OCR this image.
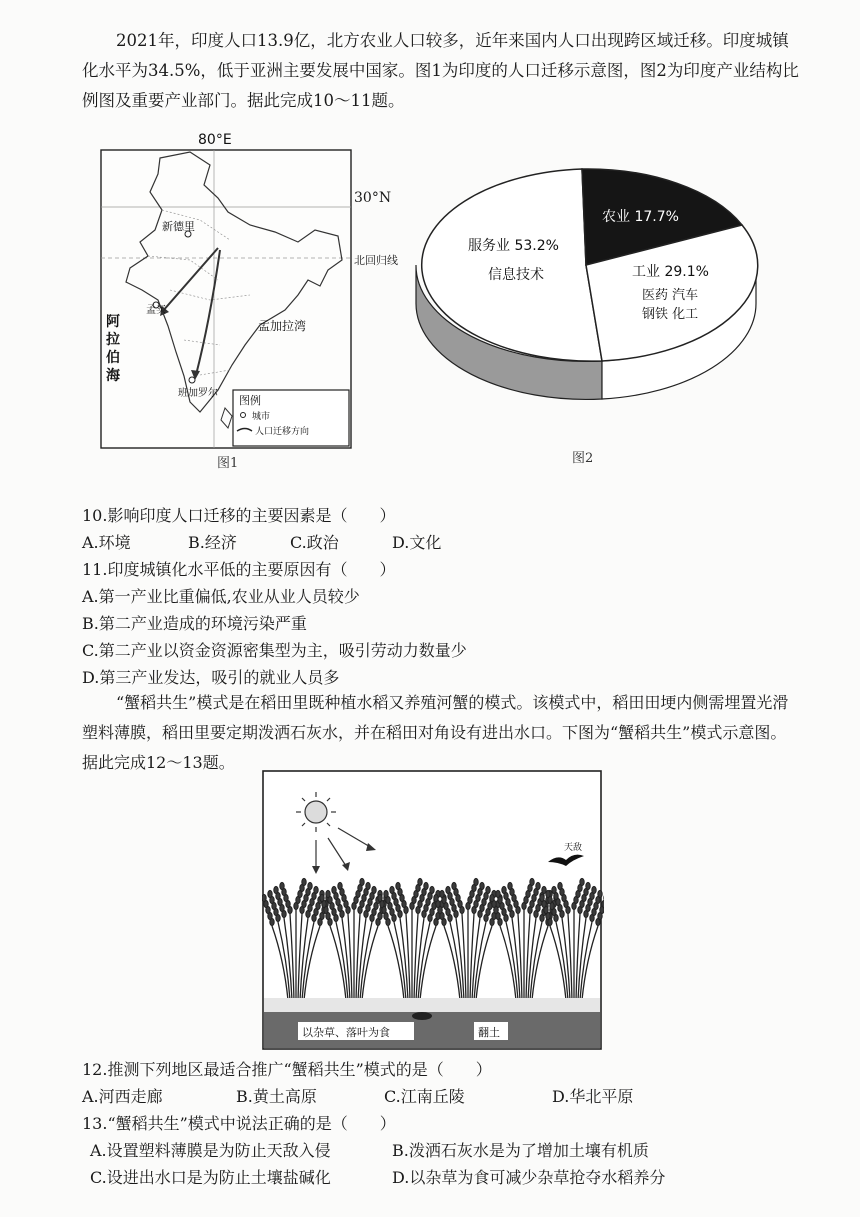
2021年，印度人口13.9亿，北方农业人口较多，近年来国内人口出现跨区域迁移。印度城镇化水平为34.5%，低于亚洲主要发展中国家。图1为印度的人口迁移示意图，图2为印度产业结构比例图及重要产业部门。据此完成10～11题。
80°E
新德里
孟买
班加罗尔
孟加拉湾
阿
拉
伯
海
图例
城市
人口迁移方向
30°N
北回归线
图1
服务业 53.2%
信息技术
农业 17.7%
工业 29.1%
医药 汽车
钢铁 化工
图2
10.影响印度人口迁移的主要因素是（　　）
A.环境	B.经济	C.政治	D.文化
11.印度城镇化水平低的主要原因有（　　）
A.第一产业比重偏低,农业从业人员较少
B.第二产业造成的环境污染严重
C.第二产业以资金资源密集型为主，吸引劳动力数量少
D.第三产业发达，吸引的就业人员多
“蟹稻共生”模式是在稻田里既种植水稻又养殖河蟹的模式。该模式中，稻田田埂内侧需埋置光滑塑料薄膜，稻田里要定期泼洒石灰水，并在稻田对角设有进出水口。下图为“蟹稻共生”模式示意图。据此完成12～13题。
天敌
以杂草、落叶为食	翻土
12.推测下列地区最适合推广“蟹稻共生”模式的是（　　）
A.河西走廊	B.黄土高原	C.江南丘陵	D.华北平原
13.“蟹稻共生”模式中说法正确的是（　　）
A.设置塑料薄膜是为防止天敌入侵	B.泼洒石灰水是为了增加土壤有机质
C.设进出水口是为防止土壤盐碱化	D.以杂草为食可减少杂草抢夺水稻养分
